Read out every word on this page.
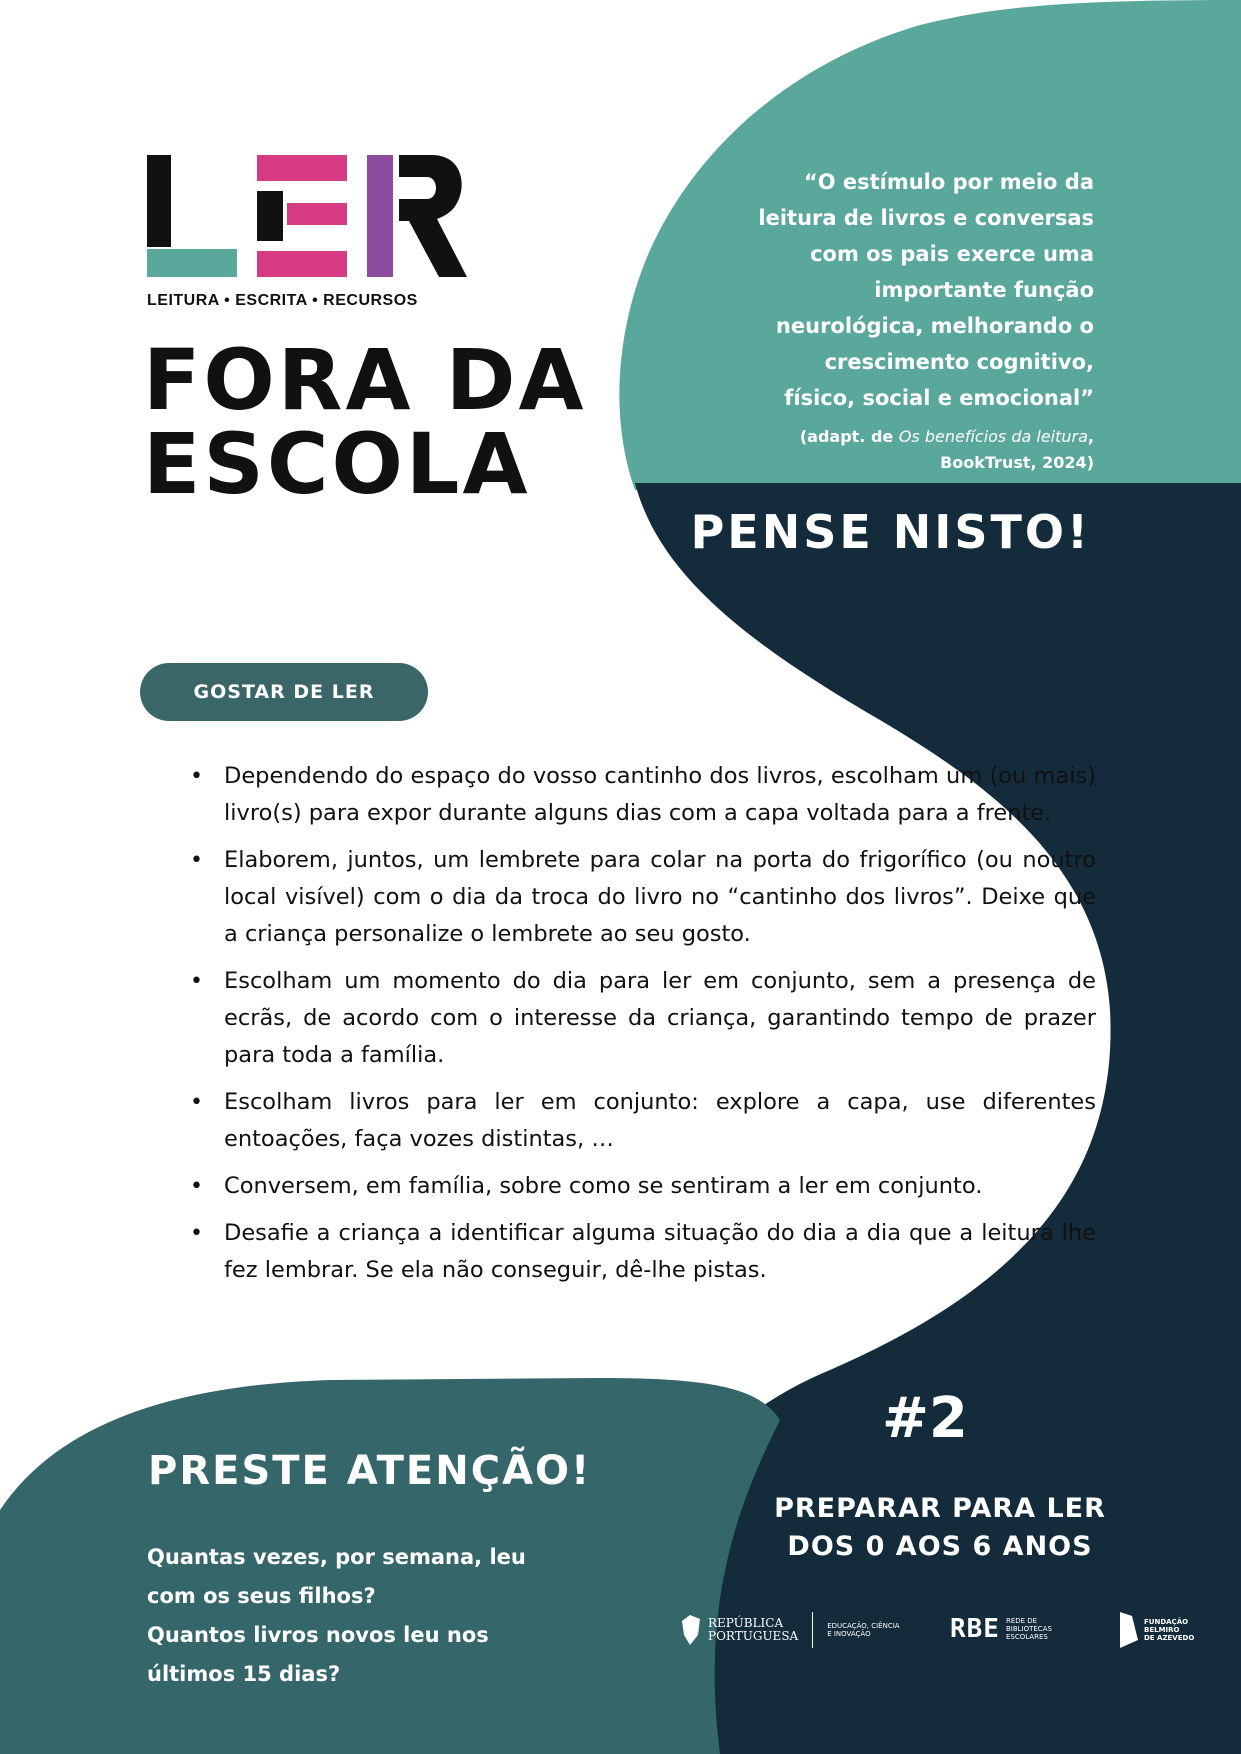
LEITURA • ESCRITA • RECURSOS
FORA DA
ESCOLA
“O estímulo por meio da
leitura de livros e conversas
com os pais exerce uma
importante função
neurológica, melhorando o
crescimento cognitivo,
físico, social e emocional”
(adapt. de Os benefícios da leitura,
BookTrust, 2024)
PENSE NISTO!
GOSTAR DE LER
• Dependendo do espaço do vosso cantinho dos livros, escolham um (ou mais) livro(s) para expor durante alguns dias com a capa voltada para a frente.
• Elaborem, juntos, um lembrete para colar na porta do frigorífico (ou noutro local visível) com o dia da troca do livro no “cantinho dos livros”. Deixe que a criança personalize o lembrete ao seu gosto.
• Escolham um momento do dia para ler em conjunto, sem a presença de ecrãs, de acordo com o interesse da criança, garantindo tempo de prazer para toda a família.
• Escolham livros para ler em conjunto: explore a capa, use diferentes entoações, faça vozes distintas, …
• Conversem, em família, sobre como se sentiram a ler em conjunto.
• Desafie a criança a identificar alguma situação do dia a dia que a leitura lhe fez lembrar. Se ela não conseguir, dê-lhe pistas.
PRESTE ATENÇÃO!
Quantas vezes, por semana, leu
com os seus filhos?
Quantos livros novos leu nos
últimos 15 dias?
#2
PREPARAR PARA LER
DOS 0 AOS 6 ANOS
REPÚBLICA
PORTUGUESA
EDUCAÇÃO, CIÊNCIA
E INOVAÇÃO	RBE REDE DE
BIBLIOTECAS
ESCOLARES
FUNDAÇÃO
BELMIRO
DE AZEVEDO
